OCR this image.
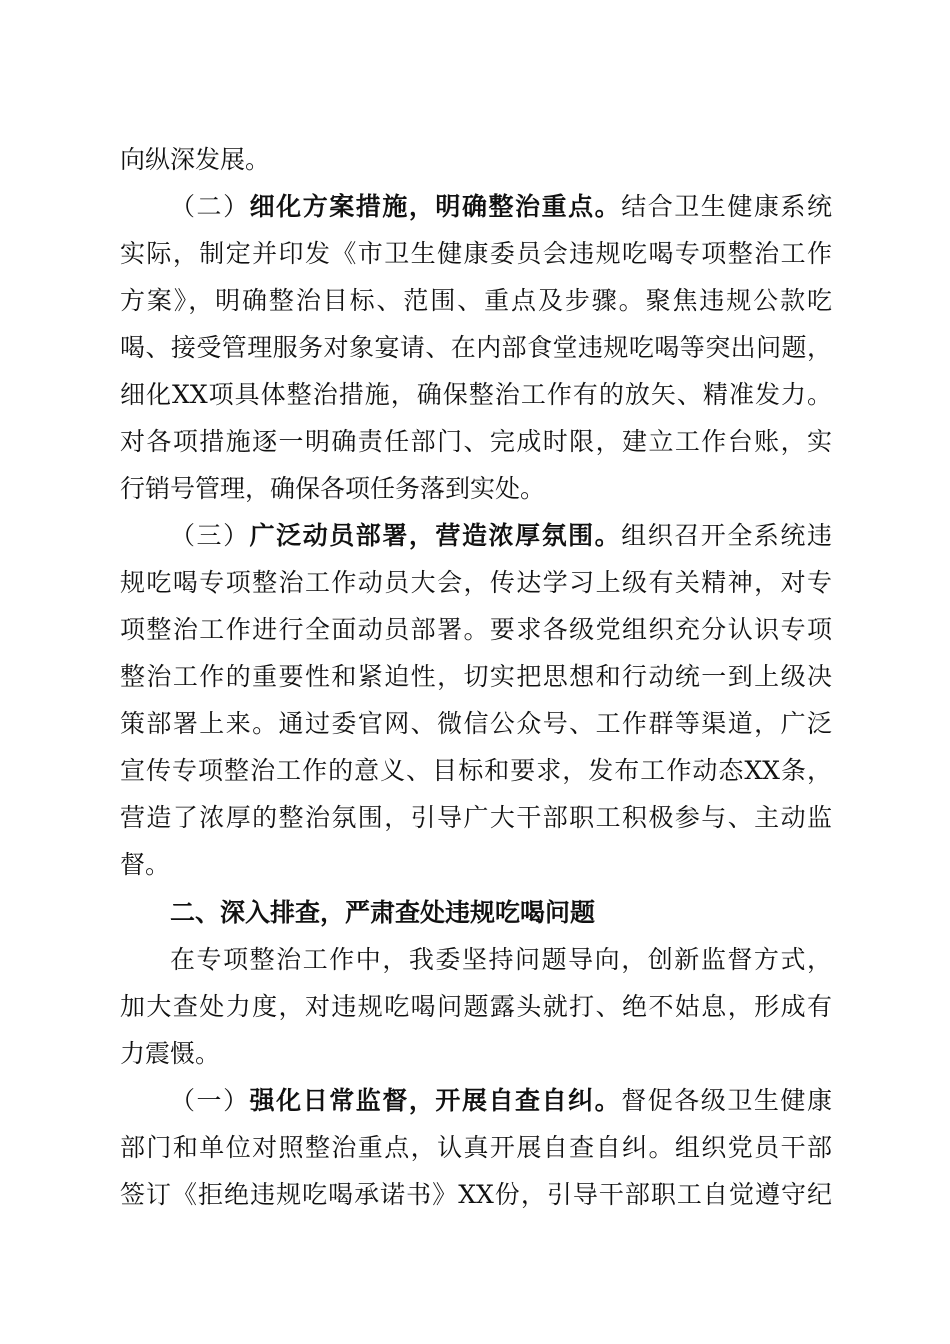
向纵深发展。
（二）细化方案措施，明确整治重点。结合卫生健康系统
实际，制定并印发《市卫生健康委员会违规吃喝专项整治工作
方案》，明确整治目标、范围、重点及步骤。聚焦违规公款吃
喝、接受管理服务对象宴请、在内部食堂违规吃喝等突出问题，
细化XX项具体整治措施，确保整治工作有的放矢、精准发力。
对各项措施逐一明确责任部门、完成时限，建立工作台账，实
行销号管理，确保各项任务落到实处。
（三）广泛动员部署，营造浓厚氛围。组织召开全系统违
规吃喝专项整治工作动员大会，传达学习上级有关精神，对专
项整治工作进行全面动员部署。要求各级党组织充分认识专项
整治工作的重要性和紧迫性，切实把思想和行动统一到上级决
策部署上来。通过委官网、微信公众号、工作群等渠道，广泛
宣传专项整治工作的意义、目标和要求，发布工作动态XX条，
营造了浓厚的整治氛围，引导广大干部职工积极参与、主动监
督。
二、深入排查，严肃查处违规吃喝问题
在专项整治工作中，我委坚持问题导向，创新监督方式，
加大查处力度，对违规吃喝问题露头就打、绝不姑息，形成有
力震慑。
（一）强化日常监督，开展自查自纠。督促各级卫生健康
部门和单位对照整治重点，认真开展自查自纠。组织党员干部
签订《拒绝违规吃喝承诺书》XX份，引导干部职工自觉遵守纪
